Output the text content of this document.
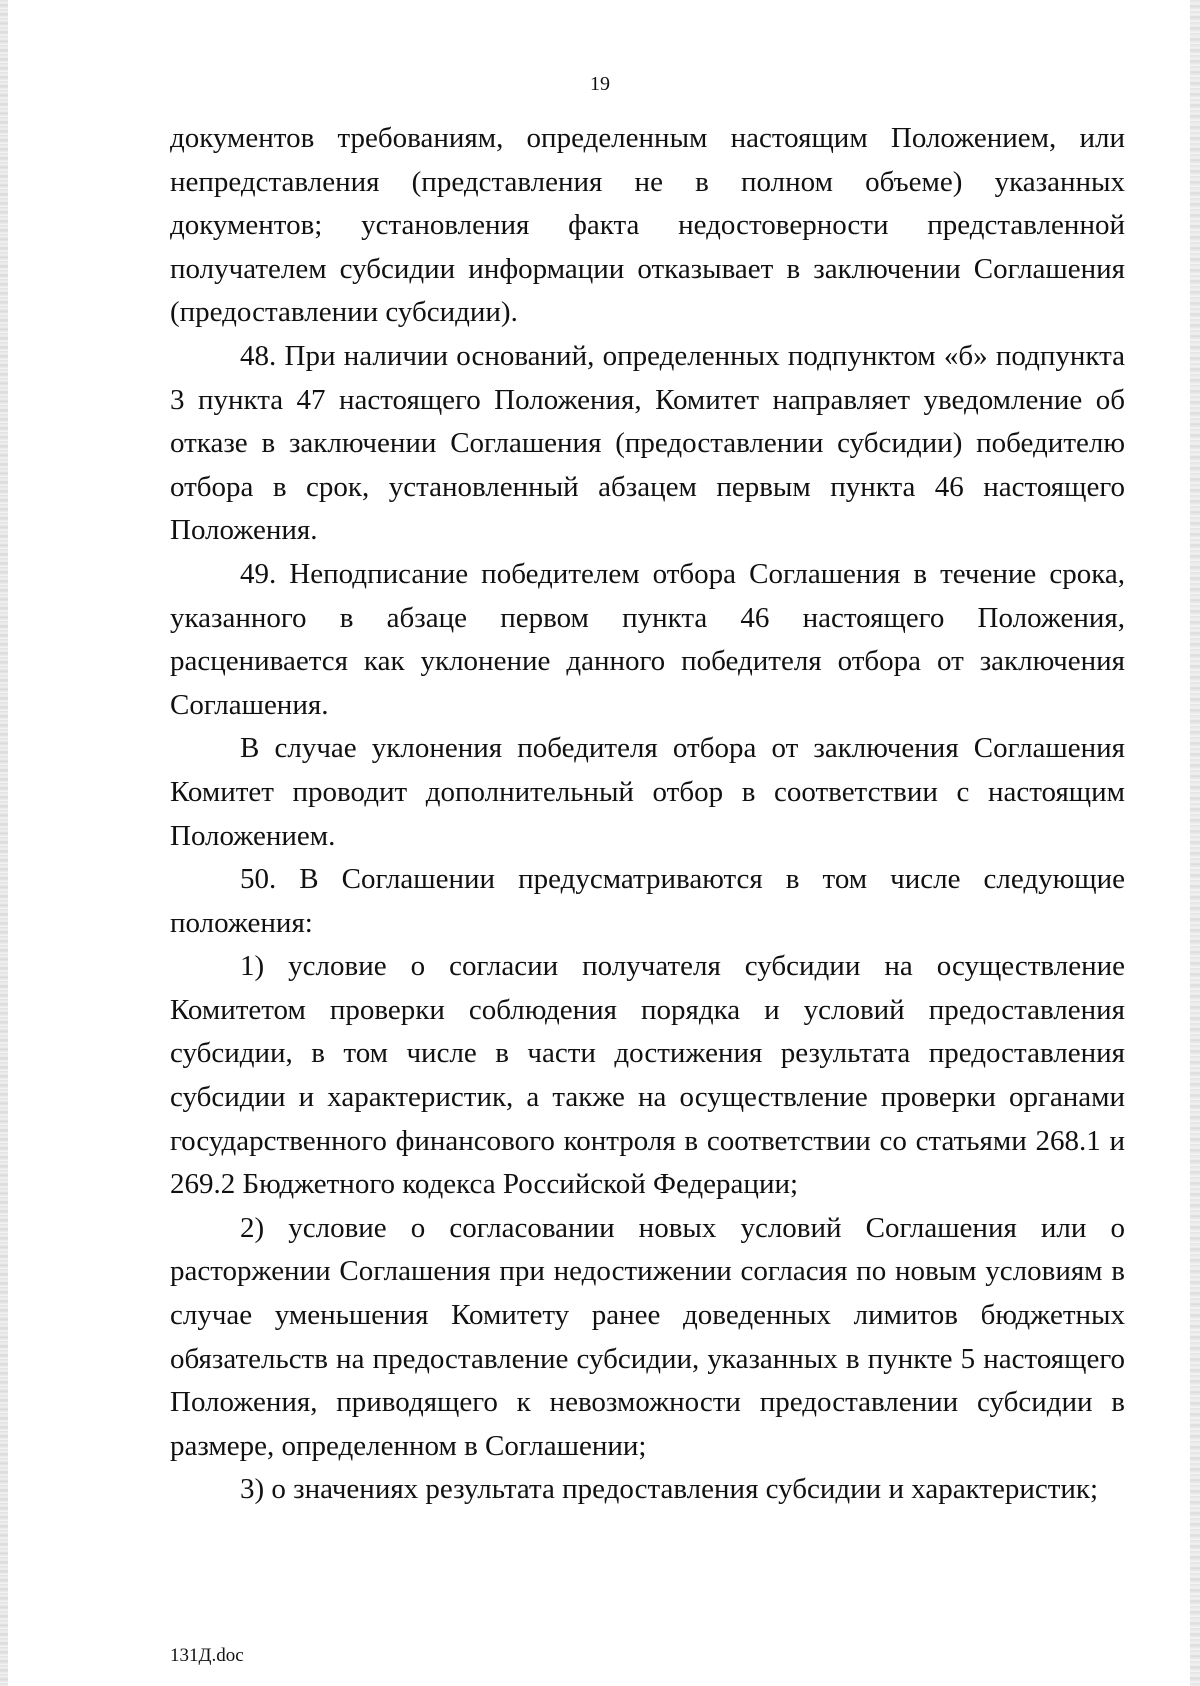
19

документов требованиям, определенным настоящим Положением, или непредставления (представления не в полном объеме) указанных документов; установления факта недостоверности представленной получателем субсидии информации отказывает в заключении Соглашения (предоставлении субсидии).

48. При наличии оснований, определенных подпунктом «б» подпункта 3 пункта 47 настоящего Положения, Комитет направляет уведомление об отказе в заключении Соглашения (предоставлении субсидии) победителю отбора в срок, установленный абзацем первым пункта 46 настоящего Положения.

49. Неподписание победителем отбора Соглашения в течение срока, указанного в абзаце первом пункта 46 настоящего Положения, расценивается как уклонение данного победителя отбора от заключения Соглашения.

В случае уклонения победителя отбора от заключения Соглашения Комитет проводит дополнительный отбор в соответствии с настоящим Положением.

50. В Соглашении предусматриваются в том числе следующие положения:

1) условие о согласии получателя субсидии на осуществление Комитетом проверки соблюдения порядка и условий предоставления субсидии, в том числе в части достижения результата предоставления субсидии и характеристик, а также на осуществление проверки органами государственного финансового контроля в соответствии со статьями 268.1 и 269.2 Бюджетного кодекса Российской Федерации;

2) условие о согласовании новых условий Соглашения или о расторжении Соглашения при недостижении согласия по новым условиям в случае уменьшения Комитету ранее доведенных лимитов бюджетных обязательств на предоставление субсидии, указанных в пункте 5 настоящего Положения, приводящего к невозможности предоставлении субсидии в размере, определенном в Соглашении;

3) о значениях результата предоставления субсидии и характеристик;

131Д.doc
